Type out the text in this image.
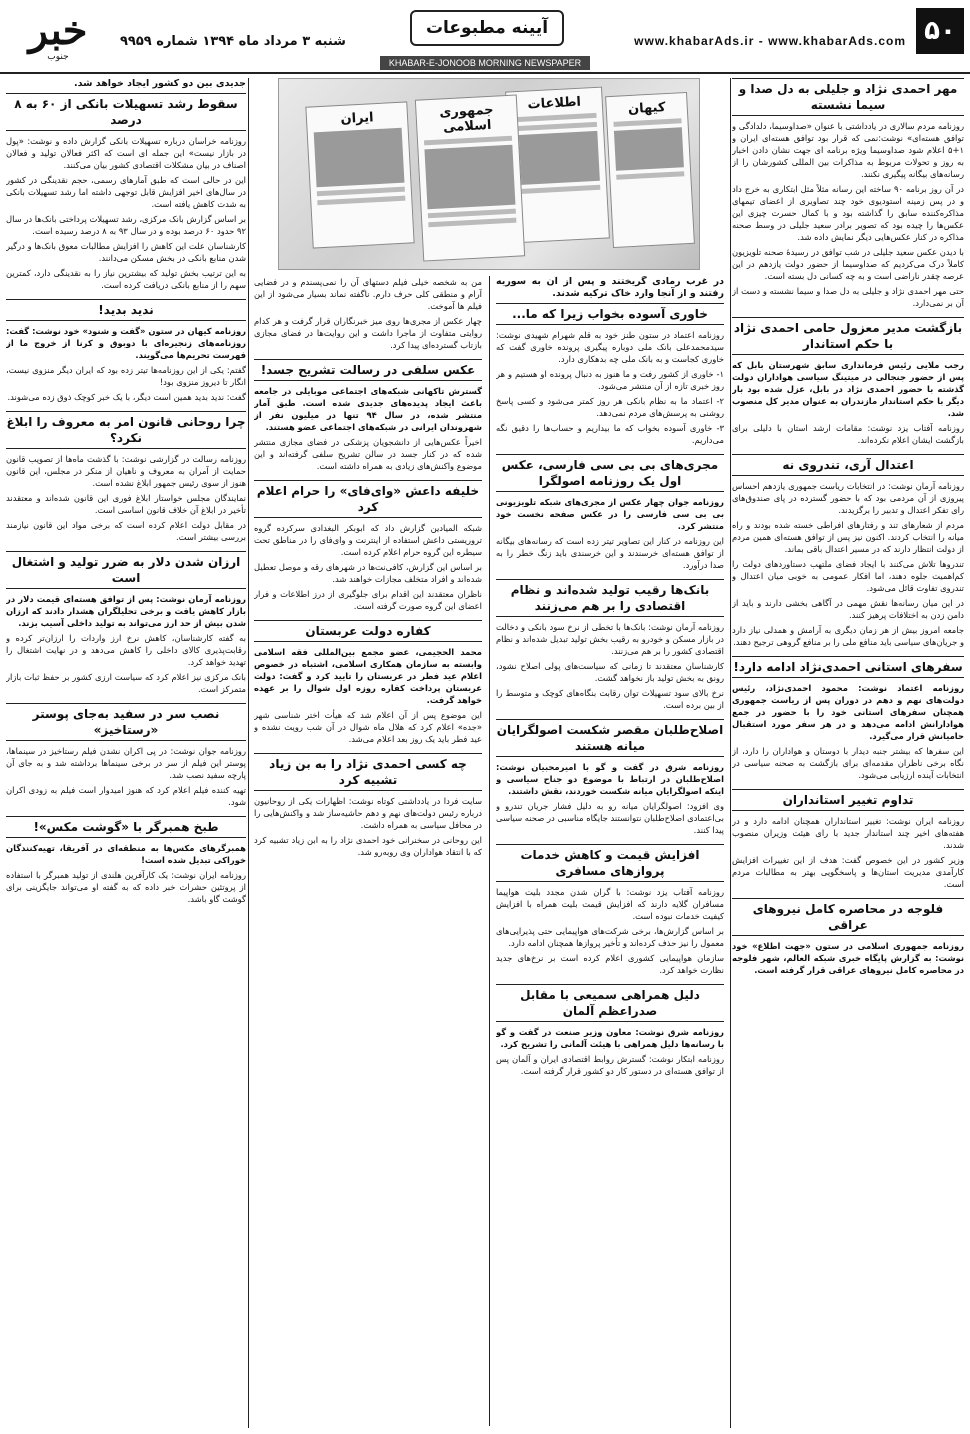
۵۰
www.khabarAds.ir - www.khabarAds.com
آیینه مطبوعات
شنبه ۳ مرداد ماه ۱۳۹۴ شماره ۹۹۵۹
خبر
جنوب
KHABAR-E-JONOOB MORNING NEWSPAPER
مهر احمدی نژاد و جلیلی به دل صدا و سیما نشسته

روزنامه مردم سالاری در یادداشتی با عنوان «صداوسیما، دلدادگی و توافق هسته‌ای» نوشت:نمی که قرار بود توافق هسته‌ای ایران و ۱+۵ اعلام شود صداوسیما ویژه برنامه ای جهت نشان دادن اخبار به روز و تحولات مربوط به مذاکرات بین المللی کشورشان را از رسانه‌های بیگانه پیگیری نکنند.

در آن روز برنامه ۹۰ ساخته این رسانه مثلاً مثل ابتکاری به خرج داد و در پس زمینه استودیوی خود چند تصاویری از اعضای تیمهای مذاکره‌کننده سابق را گذاشته بود و با کمال حسرت چیزی این عکس‌ها را چیده بود که تصویر برادر سعید جلیلی در وسط صحنه مذاکره در کنار عکس‌هایی دیگر نمایش داده شد.

با دیدن عکس سعید جلیلی در شب توافق در رسیدهٔ صحنه تلویزیون کاملاً درک می‌کردیم که صداوسیما از حضور دولت یازدهم در این عرصه چقدر ناراضی است و به چه کسانی دل بسته است.

حتی مهر احمدی نژاد و جلیلی به دل صدا و سیما نشسته و دست از آن بر نمی‌دارد.

بازگشت مدیر معزول حامی احمدی نژاد با حکم استاندار

رجب ملایی رئیس فرمانداری سابق شهرستان بابل که پس از حضور جنجالی در میتینگ سیاسی هواداران دولت گذشته با حضور احمدی نژاد در بابل، عزل شده بود بار دیگر با حکم استاندار مازندران به عنوان مدیر کل منصوب شد.

روزنامه آفتاب یزد نوشت: مقامات ارشد استان با دلیلی برای بازگشت ایشان اعلام نکرده‌اند.

اعتدال آری، تندروی نه

روزنامه آرمان نوشت: در انتخابات ریاست جمهوری یازدهم احساس پیروزی از آن مردمی بود که با حضور گسترده در پای صندوق‌های رای تفکر اعتدال و تدبیر را برگزیدند.

مردم از شعارهای تند و رفتارهای افراطی خسته شده بودند و راه میانه را انتخاب کردند. اکنون نیز پس از توافق هسته‌ای همین مردم از دولت انتظار دارند که در مسیر اعتدال باقی بماند.

تندروها تلاش می‌کنند با ایجاد فضای ملتهب دستاوردهای دولت را کم‌اهمیت جلوه دهند، اما افکار عمومی به خوبی میان اعتدال و تندروی تفاوت قائل می‌شود.

در این میان رسانه‌ها نقش مهمی در آگاهی بخشی دارند و باید از دامن زدن به اختلافات پرهیز کنند.

جامعه امروز بیش از هر زمان دیگری به آرامش و همدلی نیاز دارد و جریان‌های سیاسی باید منافع ملی را بر منافع گروهی ترجیح دهند.

سفرهای استانی احمدی‌نژاد ادامه دارد!

روزنامه اعتماد نوشت: محمود احمدی‌نژاد، رئیس دولت‌های نهم و دهم در دوران پس از ریاست جمهوری همچنان سفرهای استانی خود را با حضور در جمع هوادارانش ادامه می‌دهد و در هر سفر مورد استقبال حامیانش قرار می‌گیرد.

این سفرها که بیشتر جنبه دیدار با دوستان و هواداران را دارد، از نگاه برخی ناظران مقدمه‌ای برای بازگشت به صحنه سیاسی در انتخابات آینده ارزیابی می‌شود.

تداوم تغییر استانداران

روزنامه ایران نوشت: تغییر استانداران همچنان ادامه دارد و در هفته‌های اخیر چند استاندار جدید با رای هیئت وزیران منصوب شدند.

وزیر کشور در این خصوص گفت: هدف از این تغییرات افزایش کارآمدی مدیریت استان‌ها و پاسخگویی بهتر به مطالبات مردم است.

فلوجه در محاصره کامل نیروهای عراقی

روزنامه جمهوری اسلامی در ستون «جهت اطلاع» خود نوشت: به گزارش پایگاه خبری شبکه العالم، شهر فلوجه در محاصره کامل نیروهای عراقی قرار گرفته است.

اطلاعات
جمهوری اسلامی
کیهان
ایران
در غرب رمادی گریختند و پس از آن به سوریه رفتند و از آنجا وارد خاک ترکیه شدند.
خاوری آسوده بخواب زیرا که ما...

روزنامه اعتماد در ستون طنز خود به قلم شهرام شهیدی نوشت: سیدمحمدعلی بانک ملی دوباره پیگیری پرونده خاوری گفت که خاوری کجاست و به بانک ملی چه بدهکاری دارد.

۱- خاوری از کشور رفت و ما هنوز به دنبال پرونده او هستیم و هر روز خبری تازه از آن منتشر می‌شود.

۲- اعتماد ما به نظام بانکی هر روز کمتر می‌شود و کسی پاسخ روشنی به پرسش‌های مردم نمی‌دهد.

۳- خاوری آسوده بخواب که ما بیداریم و حساب‌ها را دقیق نگه می‌داریم.

مجری‌های بی بی سی فارسی، عکس اول یک روزنامه اصولگرا

روزنامه جوان چهار عکس از مجری‌های شبکه تلویزیونی بی بی سی فارسی را در عکس صفحه نخست خود منتشر کرد.

این روزنامه در کنار این تصاویر تیتر زده است که رسانه‌های بیگانه از توافق هسته‌ای خرسندند و این خرسندی باید زنگ خطر را به صدا درآورد.

بانک‌ها رقیب تولید شده‌اند و نظام اقتصادی را بر هم می‌زنند

روزنامه آرمان نوشت: بانک‌ها با تخطی از نرخ سود بانکی و دخالت در بازار مسکن و خودرو به رقیب بخش تولید تبدیل شده‌اند و نظام اقتصادی کشور را بر هم می‌زنند.

کارشناسان معتقدند تا زمانی که سیاست‌های پولی اصلاح نشود، رونق به بخش تولید باز نخواهد گشت.

نرخ بالای سود تسهیلات توان رقابت بنگاه‌های کوچک و متوسط را از بین برده است.

اصلاح‌طلبان مقصر شکست اصولگرایان میانه هستند

روزنامه شرق در گفت و گو با امیرمحبیان نوشت: اصلاح‌طلبان در ارتباط با موضوع دو جناح سیاسی و اینکه اصولگرایان میانه شکست خوردند، نقش داشتند.

وی افزود: اصولگرایان میانه رو به دلیل فشار جریان تندرو و بی‌اعتمادی اصلاح‌طلبان نتوانستند جایگاه مناسبی در صحنه سیاسی پیدا کنند.

افزایش قیمت و کاهش خدمات پروازهای مسافری

روزنامه آفتاب یزد نوشت: با گران شدن مجدد بلیت هواپیما مسافران گلایه دارند که افزایش قیمت بلیت همراه با افزایش کیفیت خدمات نبوده است.

بر اساس گزارش‌ها، برخی شرکت‌های هواپیمایی حتی پذیرایی‌های معمول را نیز حذف کرده‌اند و تأخیر پروازها همچنان ادامه دارد.

سازمان هواپیمایی کشوری اعلام کرده است بر نرخ‌های جدید نظارت خواهد کرد.

دلیل همراهی سمیعی با مقابل صدراعظم آلمان

روزنامه شرق نوشت: معاون وزیر صنعت در گفت و گو با رسانه‌ها دلیل همراهی با هیئت آلمانی را تشریح کرد.

روزنامه ابتکار نوشت: گسترش روابط اقتصادی ایران و آلمان پس از توافق هسته‌ای در دستور کار دو کشور قرار گرفته است.

من به شخصه خیلی فیلم دستهای آن را نمی‌پسندم و در فضایی آرام و منطقی کلی حرف دارم. ناگفته نماند بسیار می‌شود از این فیلم ها آموخت.

چهار عکس از مجری‌ها روی میز خبرنگاران قرار گرفت و هر کدام روایتی متفاوت از ماجرا داشت و این روایت‌ها در فضای مجازی بازتاب گسترده‌ای پیدا کرد.

عکس سلفی در رسالت تشریح جسد!

گسترش تاکهانی شبکه‌های اجتماعی موبایلی در جامعه باعث ایجاد پدیده‌های جدیدی شده است. طبق آمار منتشر شده، در سال ۹۴ تنها در میلیون نفر از شهروندان ایرانی در شبکه‌های اجتماعی عضو هستند.

اخیراً عکس‌هایی از دانشجویان پزشکی در فضای مجازی منتشر شده که در کنار جسد در سالن تشریح سلفی گرفته‌اند و این موضوع واکنش‌های زیادی به همراه داشته است.

خلیفه داعش «وای‌فای» را حرام اعلام کرد

شبکه المیادین گزارش داد که ابوبکر البغدادی سرکرده گروه تروریستی داعش استفاده از اینترنت و وای‌فای را در مناطق تحت سیطره این گروه حرام اعلام کرده است.

بر اساس این گزارش، کافی‌نت‌ها در شهرهای رقه و موصل تعطیل شده‌اند و افراد متخلف مجازات خواهند شد.

ناظران معتقدند این اقدام برای جلوگیری از درز اطلاعات و فرار اعضای این گروه صورت گرفته است.

کفاره دولت عربستان

محمد الحجیمی، عضو مجمع بین‌المللی فقه اسلامی وابسته به سازمان همکاری اسلامی، اشتباه در خصوص اعلام عید فطر در عربستان را تایید کرد و گفت: دولت عربستان پرداخت کفاره روزه اول شوال را بر عهده خواهد گرفت.

این موضوع پس از آن اعلام شد که هیأت اختر شناسی شهر «جده» اعلام کرد که هلال ماه شوال در آن شب رویت نشده و عید فطر باید یک روز بعد اعلام می‌شد.

چه کسی احمدی نژاد را به بن زیاد تشبیه کرد

سایت فردا در یادداشتی کوتاه نوشت: اظهارات یکی از روحانیون درباره رئیس دولت‌های نهم و دهم حاشیه‌ساز شد و واکنش‌هایی را در محافل سیاسی به همراه داشت.

این روحانی در سخنرانی خود احمدی نژاد را به ابن زیاد تشبیه کرد که با انتقاد هواداران وی روبه‌رو شد.

جدیدی بین دو کشور ایجاد خواهد شد.
سقوط رشد تسهیلات بانکی از ۶۰ به ۸ درصد

روزنامه خراسان درباره تسهیلات بانکی گزارش داده و نوشت: «پول در بازار نیست» این جمله ای است که اکثر فعالان تولید و فعالان اصناف در بیان مشکلات اقتصادی کشور بیان می‌کنند.

این در حالی است که طبق آمارهای رسمی، حجم نقدینگی در کشور در سال‌های اخیر افزایش قابل توجهی داشته اما رشد تسهیلات بانکی به شدت کاهش یافته است.

بر اساس گزارش بانک مرکزی، رشد تسهیلات پرداختی بانک‌ها در سال ۹۲ حدود ۶۰ درصد بوده و در سال ۹۳ به ۸ درصد رسیده است.

کارشناسان علت این کاهش را افزایش مطالبات معوق بانک‌ها و درگیر شدن منابع بانکی در بخش مسکن می‌دانند.

به این ترتیب بخش تولید که بیشترین نیاز را به نقدینگی دارد، کمترین سهم را از منابع بانکی دریافت کرده است.

ندید بدید!

روزنامه کیهان در ستون «گفت و شنود» خود نوشت: گفت: روزنامه‌های زنجیره‌ای با دوبوق و کرنا از خروج ما از فهرست تحریم‌ها می‌گویند.

گفتم: یکی از این روزنامه‌ها تیتر زده بود که ایران دیگر منزوی نیست، انگار تا دیروز منزوی بود!

گفت: ندید بدید همین است دیگر، با یک خبر کوچک ذوق زده می‌شوند.

چرا روحانی قانون امر به معروف را ابلاغ نکرد؟

روزنامه رسالت در گزارشی نوشت: با گذشت ماه‌ها از تصویب قانون حمایت از آمران به معروف و ناهیان از منکر در مجلس، این قانون هنوز از سوی رئیس جمهور ابلاغ نشده است.

نمایندگان مجلس خواستار ابلاغ فوری این قانون شده‌اند و معتقدند تأخیر در ابلاغ آن خلاف قانون اساسی است.

در مقابل دولت اعلام کرده است که برخی مواد این قانون نیازمند بررسی بیشتر است.

ارزان شدن دلار به ضرر تولید و اشتغال است

روزنامه آرمان نوشت: پس از توافق هسته‌ای قیمت دلار در بازار کاهش یافت و برخی تحلیلگران هشدار دادند که ارزان شدن بیش از حد ارز می‌تواند به تولید داخلی آسیب بزند.

به گفته کارشناسان، کاهش نرخ ارز واردات را ارزان‌تر کرده و رقابت‌پذیری کالای داخلی را کاهش می‌دهد و در نهایت اشتغال را تهدید خواهد کرد.

بانک مرکزی نیز اعلام کرد که سیاست ارزی کشور بر حفظ ثبات بازار متمرکز است.

نصب سر در سفید به‌جای پوستر «رستاخیز»

روزنامه جوان نوشت: در پی اکران نشدن فیلم رستاخیز در سینماها، پوستر این فیلم از سر در برخی سینماها برداشته شد و به جای آن پارچه سفید نصب شد.

تهیه کننده فیلم اعلام کرد که هنوز امیدوار است فیلم به زودی اکران شود.

طبخ همبرگر با «گوشت مکس»!

همبرگرهای مکس‌ها به منطقه‌ای در آفریقا، تهیه‌کنندگان خوراکی تبدیل شده است!

روزنامه ایران نوشت: یک کارآفرین هلندی از تولید همبرگر با استفاده از پروتئین حشرات خبر داده که به گفته او می‌تواند جایگزینی برای گوشت گاو باشد.
